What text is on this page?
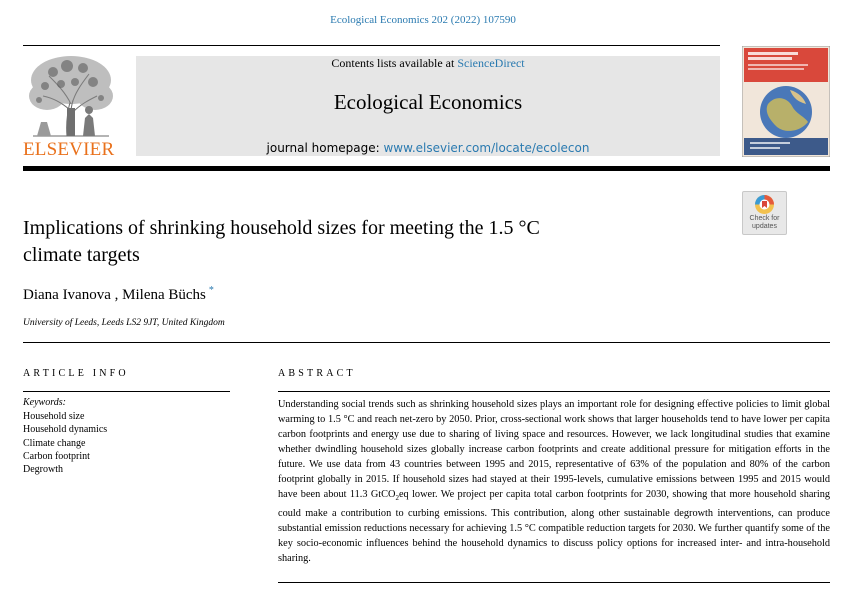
Ecological Economics 202 (2022) 107590
ELSEVIER
Contents lists available at ScienceDirect
Ecological Economics
journal homepage: www.elsevier.com/locate/ecolecon
Check for
updates
Implications of shrinking household sizes for meeting the 1.5 °C
climate targets
Diana Ivanova , Milena Büchs *
University of Leeds, Leeds LS2 9JT, United Kingdom
ARTICLE INFO
Keywords:
Household size
Household dynamics
Climate change
Carbon footprint
Degrowth
ABSTRACT
Understanding social trends such as shrinking household sizes plays an important role for designing effective policies to limit global warming to 1.5 °C and reach net-zero by 2050. Prior, cross-sectional work shows that larger households tend to have lower per capita carbon footprints and energy use due to sharing of living space and resources. However, we lack longitudinal studies that examine whether dwindling household sizes globally increase carbon footprints and create additional pressure for mitigation efforts in the future. We use data from 43 countries between 1995 and 2015, representative of 63% of the population and 80% of the carbon footprint globally in 2015. If household sizes had stayed at their 1995-levels, cumulative emissions between 1995 and 2015 would have been about 11.3 GtCO$_2$eq lower. We project per capita total carbon footprints for 2030, showing that more household sharing could make a contribution to curbing emissions. This contribution, along other sustainable degrowth interventions, can produce substantial emission reductions necessary for achieving 1.5 °C compatible reduction targets for 2030. We further quantify some of the key socio-economic influences behind the household dynamics to discuss policy options for increased inter- and intra-household sharing.
